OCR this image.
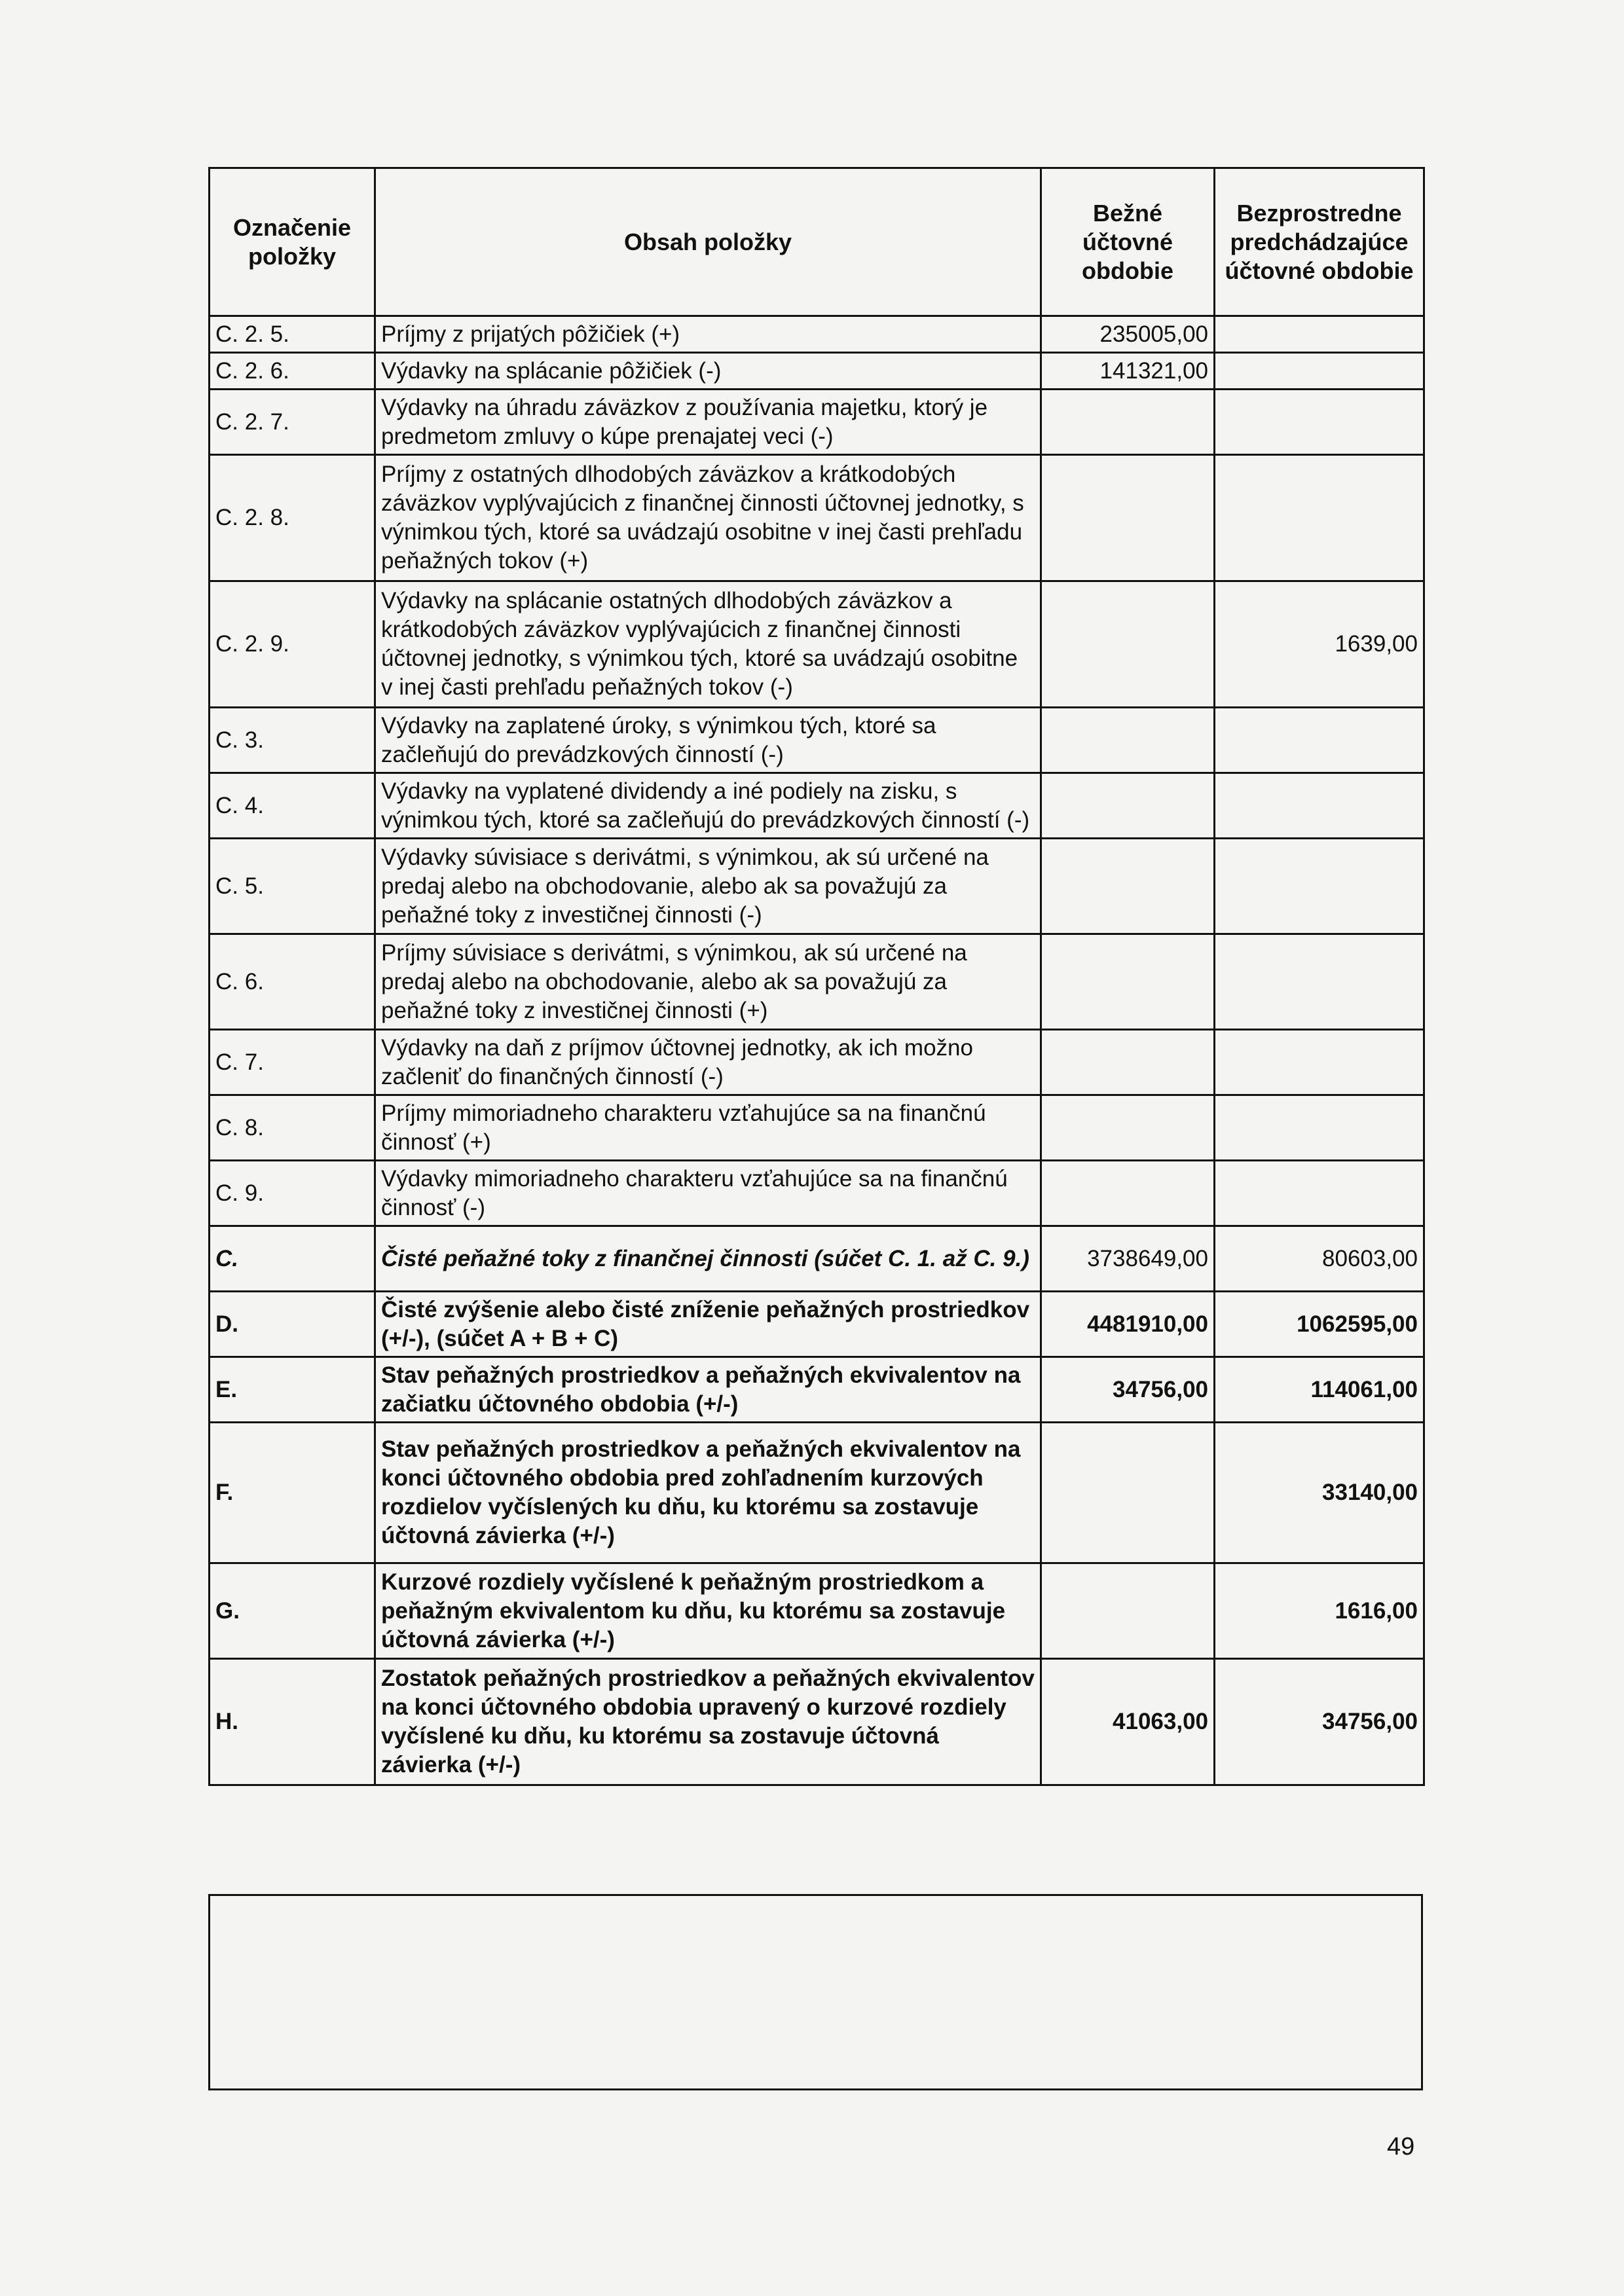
Označenie položky	Obsah položky	Bežné účtovné obdobie	Bezprostredne predchádzajúce účtovné obdobie
C. 2. 5.	Príjmy z prijatých pôžičiek (+)	235005,00	
C. 2. 6.	Výdavky na splácanie pôžičiek (-)	141321,00	
C. 2. 7.	Výdavky na úhradu záväzkov z používania majetku, ktorý je predmetom zmluvy o kúpe prenajatej veci (-)		
C. 2. 8.	Príjmy z ostatných dlhodobých záväzkov a krátkodobých záväzkov vyplývajúcich z finančnej činnosti účtovnej jednotky, s výnimkou tých, ktoré sa uvádzajú osobitne v inej časti prehľadu peňažných tokov (+)		
C. 2. 9.	Výdavky na splácanie ostatných dlhodobých záväzkov a krátkodobých záväzkov vyplývajúcich z finančnej činnosti účtovnej jednotky, s výnimkou tých, ktoré sa uvádzajú osobitne v inej časti prehľadu peňažných tokov (-)		1639,00
C. 3.	Výdavky na zaplatené úroky, s výnimkou tých, ktoré sa začleňujú do prevádzkových činností (-)		
C. 4.	Výdavky na vyplatené dividendy a iné podiely na zisku, s výnimkou tých, ktoré sa začleňujú do prevádzkových činností (-)		
C. 5.	Výdavky súvisiace s derivátmi, s výnimkou, ak sú určené na predaj alebo na obchodovanie, alebo ak sa považujú za peňažné toky z investičnej činnosti (-)		
C. 6.	Príjmy súvisiace s derivátmi, s výnimkou, ak sú určené na predaj alebo na obchodovanie, alebo ak sa považujú za peňažné toky z investičnej činnosti (+)		
C. 7.	Výdavky na daň z príjmov účtovnej jednotky, ak ich možno začleniť do finančných činností (-)		
C. 8.	Príjmy mimoriadneho charakteru vzťahujúce sa na finančnú činnosť (+)		
C. 9.	Výdavky mimoriadneho charakteru vzťahujúce sa na finančnú činnosť (-)		
C.	Čisté peňažné toky z finančnej činnosti (súčet C. 1. až C. 9.)	3738649,00	80603,00
D.	Čisté zvýšenie alebo čisté zníženie peňažných prostriedkov (+/-), (súčet A + B + C)	4481910,00	1062595,00
E.	Stav peňažných prostriedkov a peňažných ekvivalentov na začiatku účtovného obdobia (+/-)	34756,00	114061,00
F.	Stav peňažných prostriedkov a peňažných ekvivalentov na konci účtovného obdobia pred zohľadnením kurzových rozdielov vyčíslených ku dňu, ku ktorému sa zostavuje účtovná závierka (+/-)		33140,00
G.	Kurzové rozdiely vyčíslené k peňažným prostriedkom a peňažným ekvivalentom ku dňu, ku ktorému sa zostavuje účtovná závierka (+/-)		1616,00
H.	Zostatok peňažných prostriedkov a peňažných ekvivalentov na konci účtovného obdobia upravený o kurzové rozdiely vyčíslené ku dňu, ku ktorému sa zostavuje účtovná závierka (+/-)	41063,00	34756,00
49
